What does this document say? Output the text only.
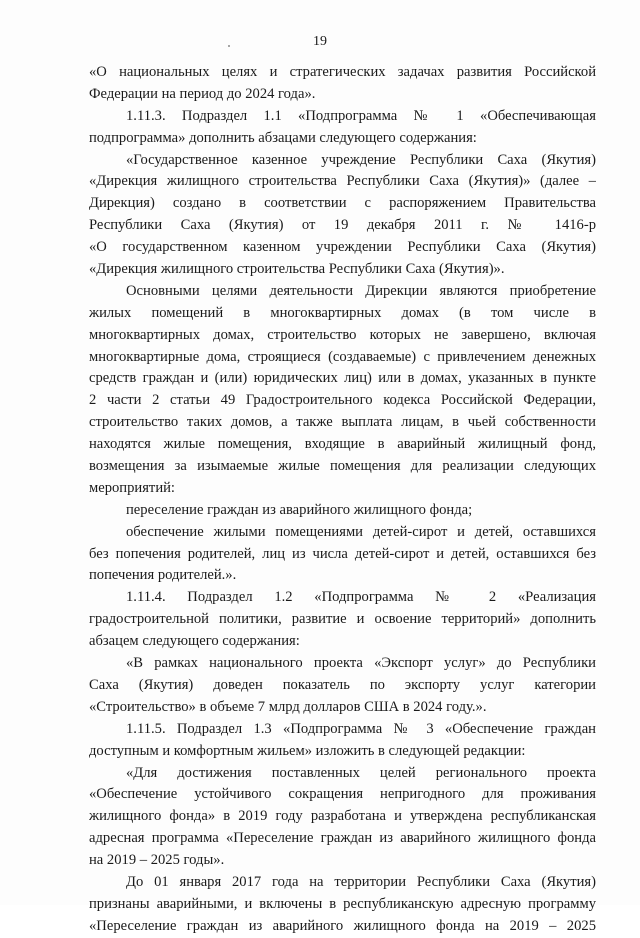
19
«О национальных целях и стратегических задачах развития Российской
Федерации на период до 2024 года».
1.11.3. Подраздел 1.1 «Подпрограмма № 1 «Обеспечивающая
подпрограмма» дополнить абзацами следующего содержания:
«Государственное казенное учреждение Республики Саха (Якутия)
«Дирекция жилищного строительства Республики Саха (Якутия)» (далее –
Дирекция) создано в соответствии с распоряжением Правительства
Республики Саха (Якутия) от 19 декабря 2011 г. № 1416-р
«О государственном казенном учреждении Республики Саха (Якутия)
«Дирекция жилищного строительства Республики Саха (Якутия)».
Основными целями деятельности Дирекции являются приобретение
жилых помещений в многоквартирных домах (в том числе в
многоквартирных домах, строительство которых не завершено, включая
многоквартирные дома, строящиеся (создаваемые) с привлечением денежных
средств граждан и (или) юридических лиц) или в домах, указанных в пункте
2 части 2 статьи 49 Градостроительного кодекса Российской Федерации,
строительство таких домов, а также выплата лицам, в чьей собственности
находятся жилые помещения, входящие в аварийный жилищный фонд,
возмещения за изымаемые жилые помещения для реализации следующих
мероприятий:
переселение граждан из аварийного жилищного фонда;
обеспечение жилыми помещениями детей-сирот и детей, оставшихся
без попечения родителей, лиц из числа детей-сирот и детей, оставшихся без
попечения родителей.».
1.11.4. Подраздел 1.2 «Подпрограмма № 2 «Реализация
градостроительной политики, развитие и освоение территорий» дополнить
абзацем следующего содержания:
«В рамках национального проекта «Экспорт услуг» до Республики
Саха (Якутия) доведен показатель по экспорту услуг категории
«Строительство» в объеме 7 млрд долларов США в 2024 году.».
1.11.5. Подраздел 1.3 «Подпрограмма № 3 «Обеспечение граждан
доступным и комфортным жильем» изложить в следующей редакции:
«Для достижения поставленных целей регионального проекта
«Обеспечение устойчивого сокращения непригодного для проживания
жилищного фонда» в 2019 году разработана и утверждена республиканская
адресная программа «Переселение граждан из аварийного жилищного фонда
на 2019 – 2025 годы».
До 01 января 2017 года на территории Республики Саха (Якутия)
признаны аварийными, и включены в республиканскую адресную программу
«Переселение граждан из аварийного жилищного фонда на 2019 – 2025
